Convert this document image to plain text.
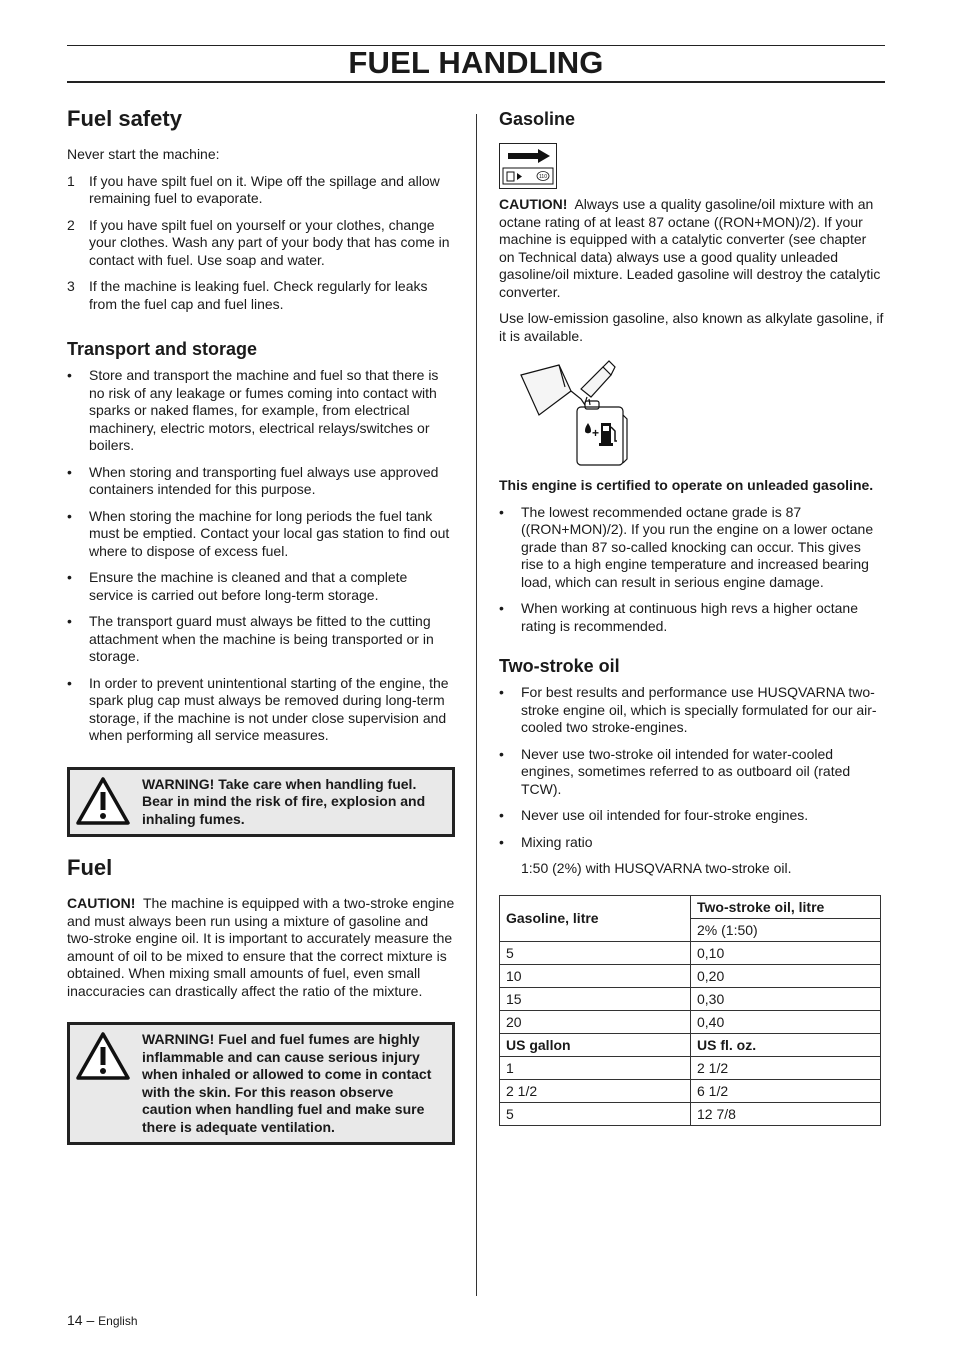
FUEL HANDLING
Fuel safety

Never start the machine:

1 If you have spilt fuel on it. Wipe off the spillage and allow remaining fuel to evaporate.
2 If you have spilt fuel on yourself or your clothes, change your clothes. Wash any part of your body that has come in contact with fuel. Use soap and water.
3 If the machine is leaking fuel. Check regularly for leaks from the fuel cap and fuel lines.
Transport and storage
• Store and transport the machine and fuel so that there is no risk of any leakage or fumes coming into contact with sparks or naked flames, for example, from electrical machinery, electric motors, electrical relays/switches or boilers.
• When storing and transporting fuel always use approved containers intended for this purpose.
• When storing the machine for long periods the fuel tank must be emptied. Contact your local gas station to find out where to dispose of excess fuel.
• Ensure the machine is cleaned and that a complete service is carried out before long-term storage.
• The transport guard must always be fitted to the cutting attachment when the machine is being transported or in storage.
• In order to prevent unintentional starting of the engine, the spark plug cap must always be removed during long-term storage, if the machine is not under close supervision and when performing all service measures.
WARNING! Take care when handling fuel. Bear in mind the risk of fire, explosion and inhaling fumes.
Fuel

CAUTION! The machine is equipped with a two-stroke engine and must always been run using a mixture of gasoline and two-stroke engine oil. It is important to accurately measure the amount of oil to be mixed to ensure that the correct mixture is obtained. When mixing small amounts of fuel, even small inaccuracies can drastically affect the ratio of the mixture.

WARNING! Fuel and fuel fumes are highly inflammable and can cause serious injury when inhaled or allowed to come in contact with the skin. For this reason observe caution when handling fuel and make sure there is adequate ventilation.
Gasoline
110

CAUTION! Always use a quality gasoline/oil mixture with an octane rating of at least 87 octane ((RON+MON)/2). If your machine is equipped with a catalytic converter (see chapter on Technical data) always use a good quality unleaded gasoline/oil mixture. Leaded gasoline will destroy the catalytic converter.

Use low-emission gasoline, also known as alkylate gasoline, if it is available.

+

This engine is certified to operate on unleaded gasoline.

• The lowest recommended octane grade is 87 ((RON+MON)/2). If you run the engine on a lower octane grade than 87 so-called knocking can occur. This gives rise to a high engine temperature and increased bearing load, which can result in serious engine damage.
• When working at continuous high revs a higher octane rating is recommended.
Two-stroke oil
• For best results and performance use HUSQVARNA two-stroke engine oil, which is specially formulated for our air-cooled two stroke-engines.
• Never use two-stroke oil intended for water-cooled engines, sometimes referred to as outboard oil (rated TCW).
• Never use oil intended for four-stroke engines.
• Mixing ratio

1:50 (2%) with HUSQVARNA two-stroke oil.

Gasoline, litre	Two-stroke oil, litre
	2% (1:50)
5	0,10
10	0,20
15	0,30
20	0,40
US gallon	US fl. oz.
1	2 1/2
2 1/2	6 1/2
5	12 7/8
14 – English
